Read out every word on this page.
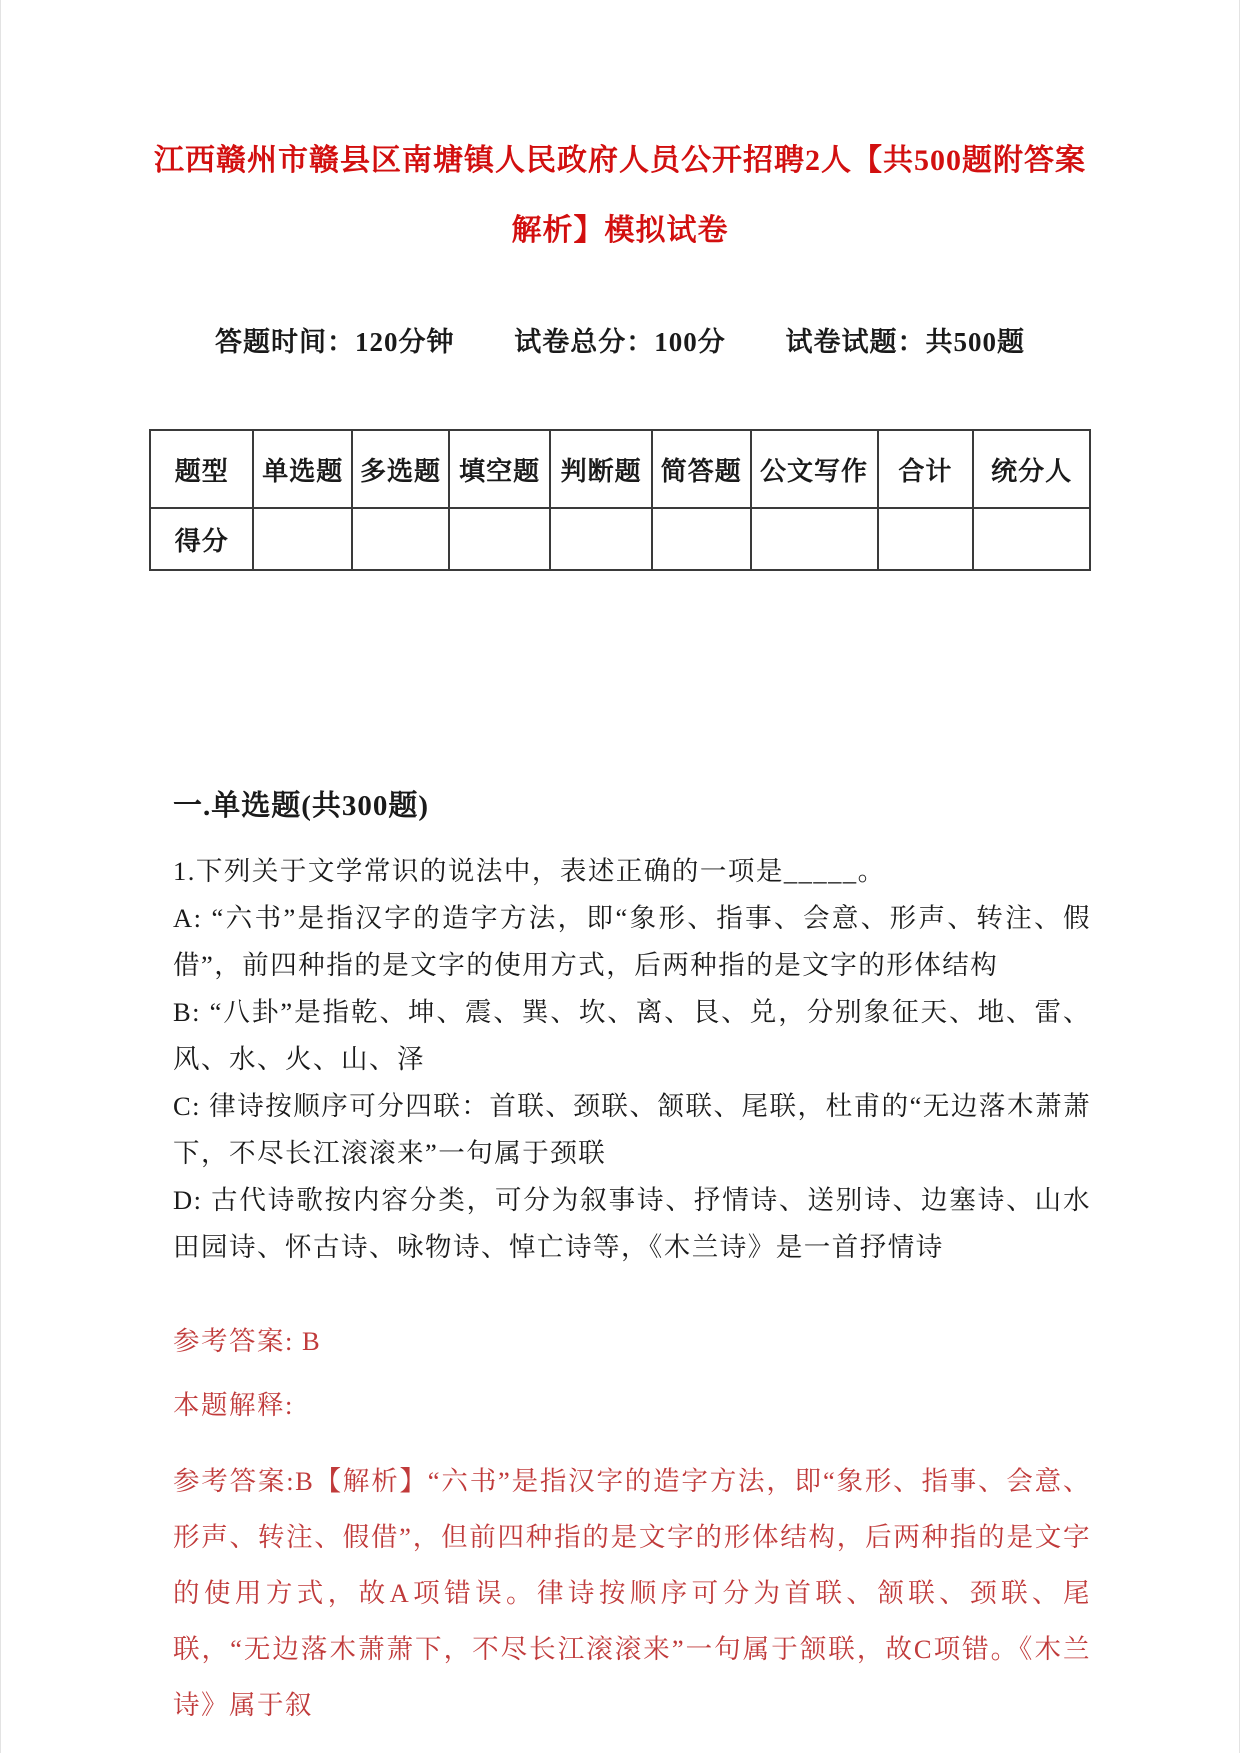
江西赣州市赣县区南塘镇人民政府人员公开招聘2人【共500题附答案解析】模拟试卷
答题时间：120分钟 试卷总分：100分 试卷试题：共500题
题型	单选题	多选题	填空题	判断题	简答题	公文写作	合计	统分人
得分								
一.单选题(共300题)

1.下列关于文学常识的说法中，表述正确的一项是_____。

A: “六书”是指汉字的造字方法，即“象形、指事、会意、形声、转注、假借”，前四种指的是文字的使用方式，后两种指的是文字的形体结构

B: “八卦”是指乾、坤、震、巽、坎、离、艮、兑，分别象征天、地、雷、风、水、火、山、泽

C: 律诗按顺序可分四联：首联、颈联、颔联、尾联，杜甫的“无边落木萧萧下，不尽长江滚滚来”一句属于颈联

D: 古代诗歌按内容分类，可分为叙事诗、抒情诗、送别诗、边塞诗、山水田园诗、怀古诗、咏物诗、悼亡诗等，《木兰诗》是一首抒情诗

参考答案: B

本题解释:

参考答案:B【解析】“六书”是指汉字的造字方法，即“象形、指事、会意、形声、转注、假借”，但前四种指的是文字的形体结构，后两种指的是文字的使用方式，故A项错误。律诗按顺序可分为首联、颔联、颈联、尾联，“无边落木萧萧下，不尽长江滚滚来”一句属于颔联，故C项错。《木兰诗》属于叙
